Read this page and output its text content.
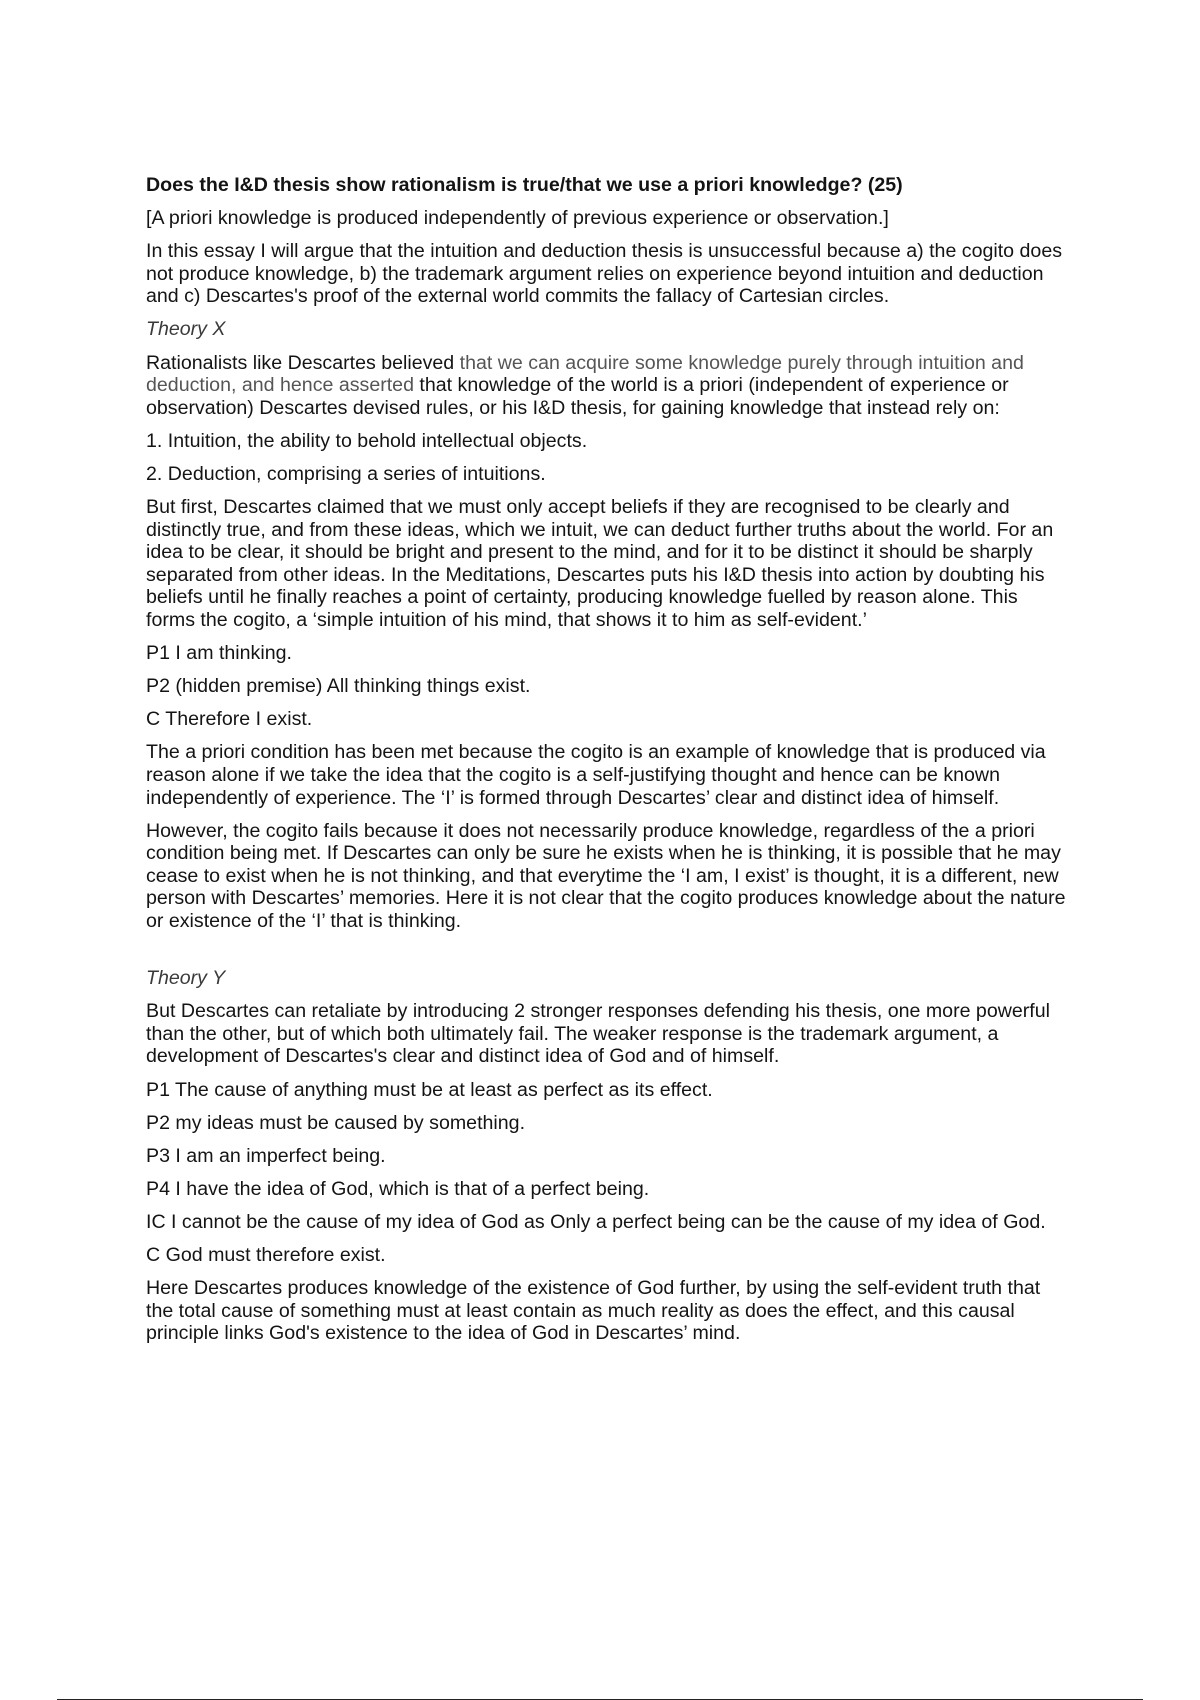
Does the I&D thesis show rationalism is true/that we use a priori knowledge? (25)

[A priori knowledge is produced independently of previous experience or observation.]

In this essay I will argue that the intuition and deduction thesis is unsuccessful because a) the cogito does not produce knowledge, b) the trademark argument relies on experience beyond intuition and deduction and c) Descartes's proof of the external world commits the fallacy of Cartesian circles.

Theory X

Rationalists like Descartes believed that we can acquire some knowledge purely through intuition and deduction, and hence asserted that knowledge of the world is a priori (independent of experience or observation) Descartes devised rules, or his I&D thesis, for gaining knowledge that instead rely on:

1. Intuition, the ability to behold intellectual objects.

2. Deduction, comprising a series of intuitions.

But first, Descartes claimed that we must only accept beliefs if they are recognised to be clearly and distinctly true, and from these ideas, which we intuit, we can deduct further truths about the world. For an idea to be clear, it should be bright and present to the mind, and for it to be distinct it should be sharply separated from other ideas. In the Meditations, Descartes puts his I&D thesis into action by doubting his beliefs until he finally reaches a point of certainty, producing knowledge fuelled by reason alone. This forms the cogito, a ‘simple intuition of his mind, that shows it to him as self-evident.’

P1 I am thinking.

P2 (hidden premise) All thinking things exist.

C Therefore I exist.

The a priori condition has been met because the cogito is an example of knowledge that is produced via reason alone if we take the idea that the cogito is a self-justifying thought and hence can be known independently of experience. The ‘I’ is formed through Descartes’ clear and distinct idea of himself.

However, the cogito fails because it does not necessarily produce knowledge, regardless of the a priori condition being met. If Descartes can only be sure he exists when he is thinking, it is possible that he may cease to exist when he is not thinking, and that everytime the ‘I am, I exist’ is thought, it is a different, new person with Descartes’ memories. Here it is not clear that the cogito produces knowledge about the nature or existence of the ‘I’ that is thinking.

Theory Y

But Descartes can retaliate by introducing 2 stronger responses defending his thesis, one more powerful than the other, but of which both ultimately fail. The weaker response is the trademark argument, a development of Descartes's clear and distinct idea of God and of himself.

P1 The cause of anything must be at least as perfect as its effect.

P2 my ideas must be caused by something.

P3 I am an imperfect being.

P4 I have the idea of God, which is that of a perfect being.

IC I cannot be the cause of my idea of God as Only a perfect being can be the cause of my idea of God.

C God must therefore exist.

Here Descartes produces knowledge of the existence of God further, by using the self-evident truth that the total cause of something must at least contain as much reality as does the effect, and this causal principle links God's existence to the idea of God in Descartes’ mind.
